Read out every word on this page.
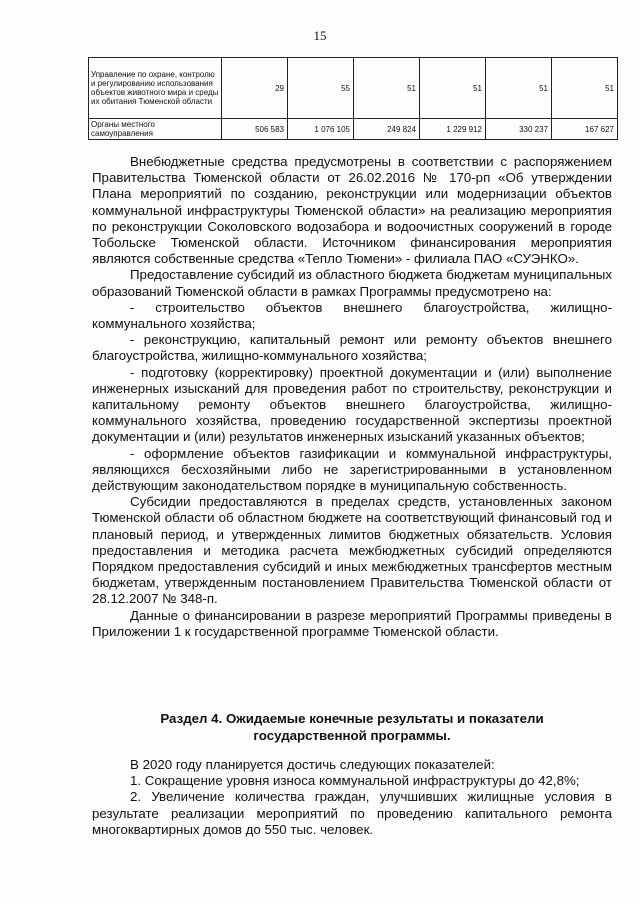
15
Управление по охране, контролю и регулированию использования объектов животного мира и среды их обитания Тюменской области	29	55	51	51	51	51
Органы местного самоуправления	506 583	1 076 105	249 824	1 229 912	330 237	167 627

Внебюджетные средства предусмотрены в соответствии с распоряжением Правительства Тюменской области от 26.02.2016 № 170-рп «Об утверждении Плана мероприятий по созданию, реконструкции или модернизации объектов коммунальной инфраструктуры Тюменской области» на реализацию мероприятия по реконструкции Соколовского водозабора и водоочистных сооружений в городе Тобольске Тюменской области. Источником финансирования мероприятия являются собственные средства «Тепло Тюмени» - филиала ПАО «СУЭНКО».

Предоставление субсидий из областного бюджета бюджетам муниципальных образований Тюменской области в рамках Программы предусмотрено на:

- строительство объектов внешнего благоустройства, жилищно-коммунального хозяйства;

- реконструкцию, капитальный ремонт или ремонту объектов внешнего благоустройства, жилищно-коммунального хозяйства;

- подготовку (корректировку) проектной документации и (или) выполнение инженерных изысканий для проведения работ по строительству, реконструкции и капитальному ремонту объектов внешнего благоустройства, жилищно-коммунального хозяйства, проведению государственной экспертизы проектной документации и (или) результатов инженерных изысканий указанных объектов;

- оформление объектов газификации и коммунальной инфраструктуры, являющихся бесхозяйными либо не зарегистрированными в установленном действующим законодательством порядке в муниципальную собственность.

Субсидии предоставляются в пределах средств, установленных законом Тюменской области об областном бюджете на соответствующий финансовый год и плановый период, и утвержденных лимитов бюджетных обязательств. Условия предоставления и методика расчета межбюджетных субсидий определяются Порядком предоставления субсидий и иных межбюджетных трансфертов местным бюджетам, утвержденным постановлением Правительства Тюменской области от 28.12.2007 № 348-п.

Данные о финансировании в разрезе мероприятий Программы приведены в Приложении 1 к государственной программе Тюменской области.

Раздел 4. Ожидаемые конечные результаты и показатели
государственной программы.

В 2020 году планируется достичь следующих показателей:

1. Сокращение уровня износа коммунальной инфраструктуры до 42,8%;

2. Увеличение количества граждан, улучшивших жилищные условия в результате реализации мероприятий по проведению капитального ремонта многоквартирных домов до 550 тыс. человек.
